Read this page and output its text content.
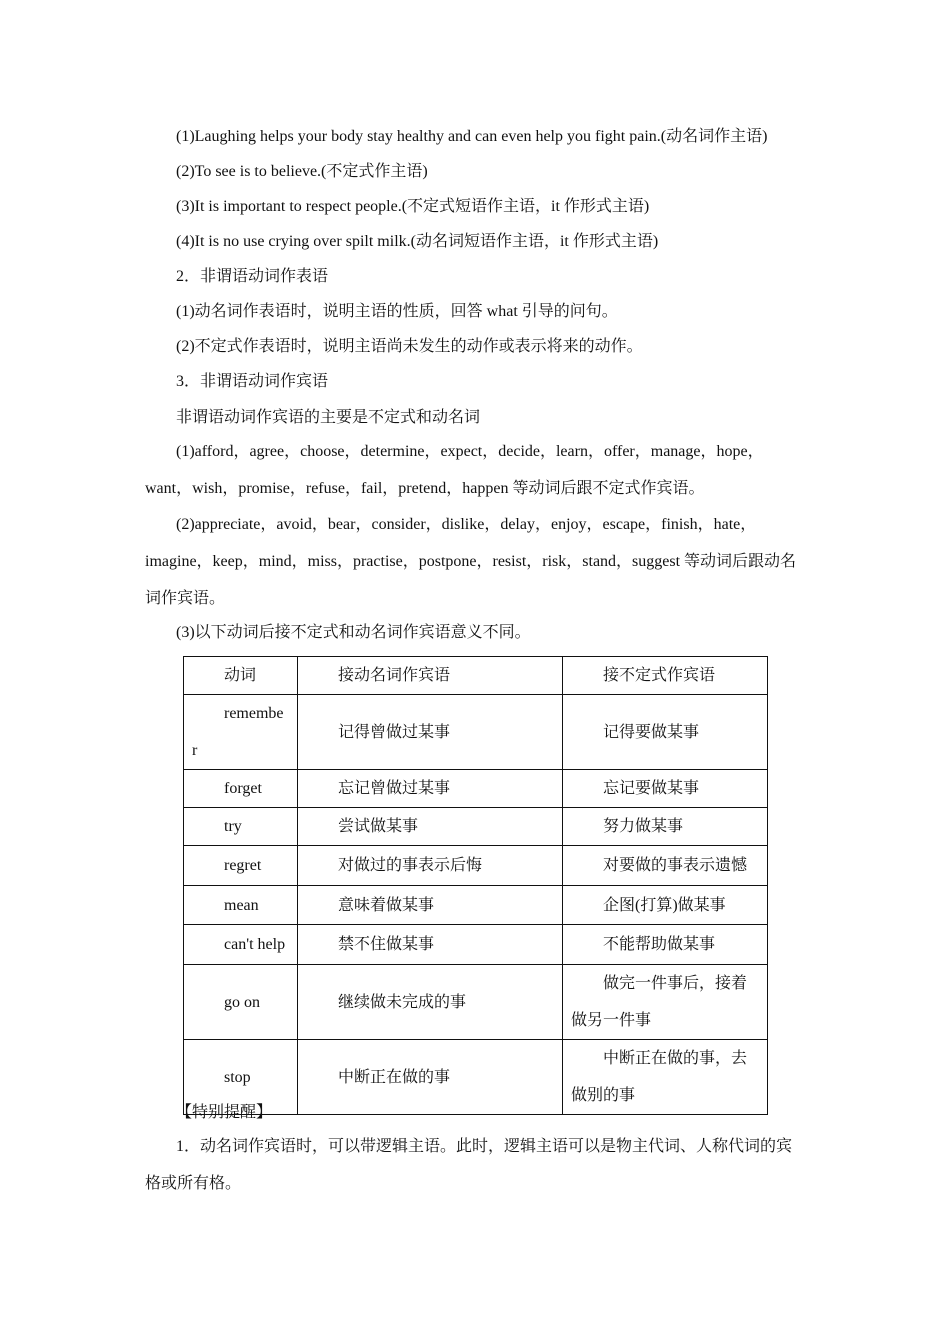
(1)Laughing helps your body stay healthy and can even help you fight pain.(动名词作主语)
(2)To see is to believe.(不定式作主语)
(3)It is important to respect people.(不定式短语作主语，it 作形式主语)
(4)It is no use crying over spilt milk.(动名词短语作主语，it 作形式主语)
2．非谓语动词作表语
(1)动名词作表语时，说明主语的性质，回答 what 引导的问句。
(2)不定式作表语时，说明主语尚未发生的动作或表示将来的动作。
3．非谓语动词作宾语
非谓语动词作宾语的主要是不定式和动名词
(1)afford，agree，choose，determine，expect，decide，learn，offer，manage，hope，want，wish，promise，refuse，fail，pretend，happen 等动词后跟不定式作宾语。
(2)appreciate，avoid，bear，consider，dislike，delay，enjoy，escape，finish，hate，imagine，keep，mind，miss，practise，postpone，resist，risk，stand，suggest 等动词后跟动名词作宾语。
(3)以下动词后接不定式和动名词作宾语意义不同。
动词	接动名词作宾语	接不定式作宾语

remember	记得曾做过某事	记得要做某事
forget	忘记曾做过某事	忘记要做某事
try	尝试做某事	努力做某事
regret	对做过的事表示后悔	对要做的事表示遗憾
mean	意味着做某事	企图(打算)做某事
can't help	禁不住做某事	不能帮助做某事
go on	继续做未完成的事	做完一件事后，接着做另一件事

stop	中断正在做的事	中断正在做的事，去做别的事
【特别提醒】
1．动名词作宾语时，可以带逻辑主语。此时，逻辑主语可以是物主代词、人称代词的宾格或所有格。
